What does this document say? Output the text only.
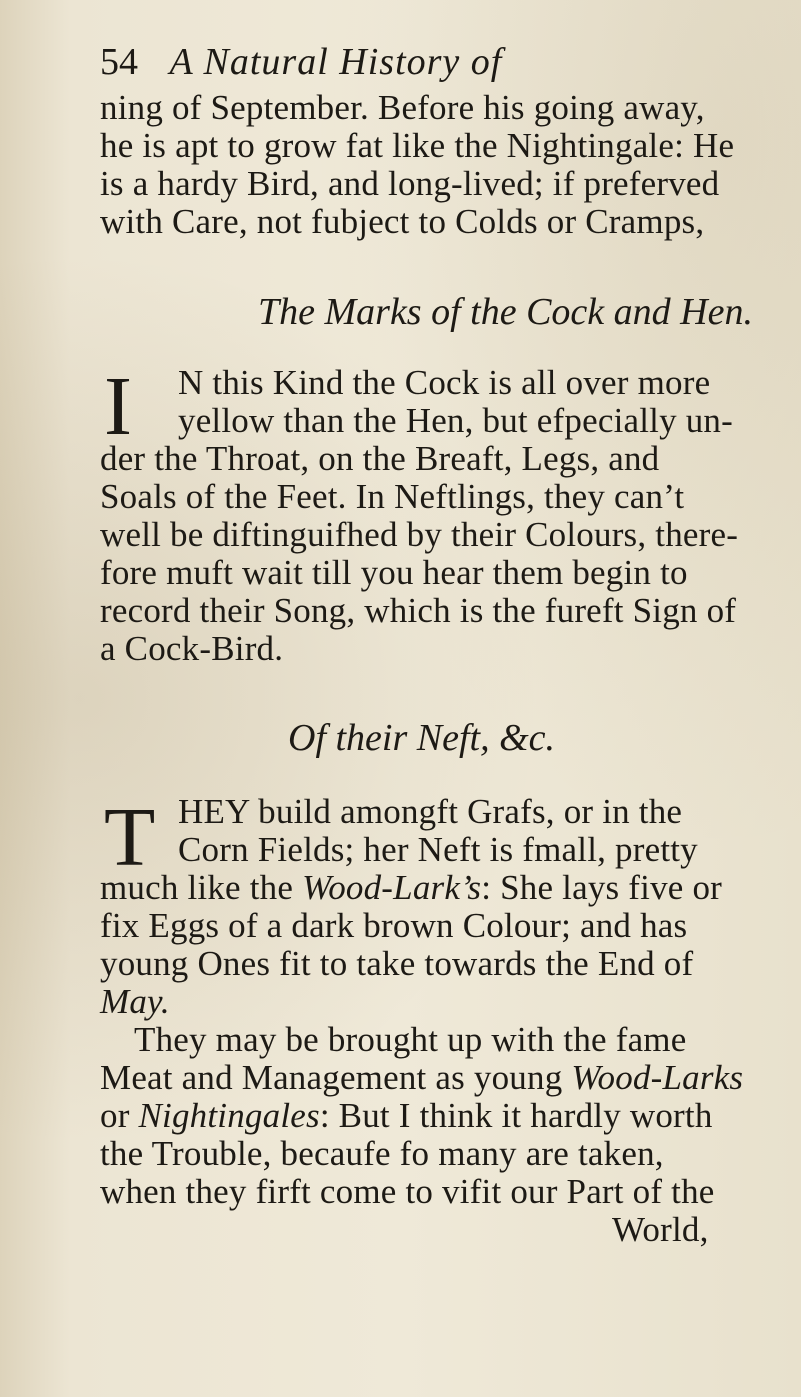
54 A Natural History of
ning of September. Before his going away,
he is apt to grow fat like the Nightingale: He
is a hardy Bird, and long-lived; if preferved
with Care, not fubject to Colds or Cramps,
The Marks of the Cock and Hen.
I N this Kind the Cock is all over more
yellow than the Hen, but efpecially un-
der the Throat, on the Breaft, Legs, and
Soals of the Feet. In Neftlings, they can’t
well be diftinguifhed by their Colours, there-
fore muft wait till you hear them begin to
record their Song, which is the fureft Sign of
a Cock-Bird.
Of their Neft, &c.
T HEY build amongft Grafs, or in the
Corn Fields; her Neft is fmall, pretty
much like the Wood-Lark’s: She lays five or
fix Eggs of a dark brown Colour; and has
young Ones fit to take towards the End of
May.
They may be brought up with the fame
Meat and Management as young Wood-Larks
or Nightingales: But I think it hardly worth
the Trouble, becaufe fo many are taken,
when they firft come to vifit our Part of the
World,
